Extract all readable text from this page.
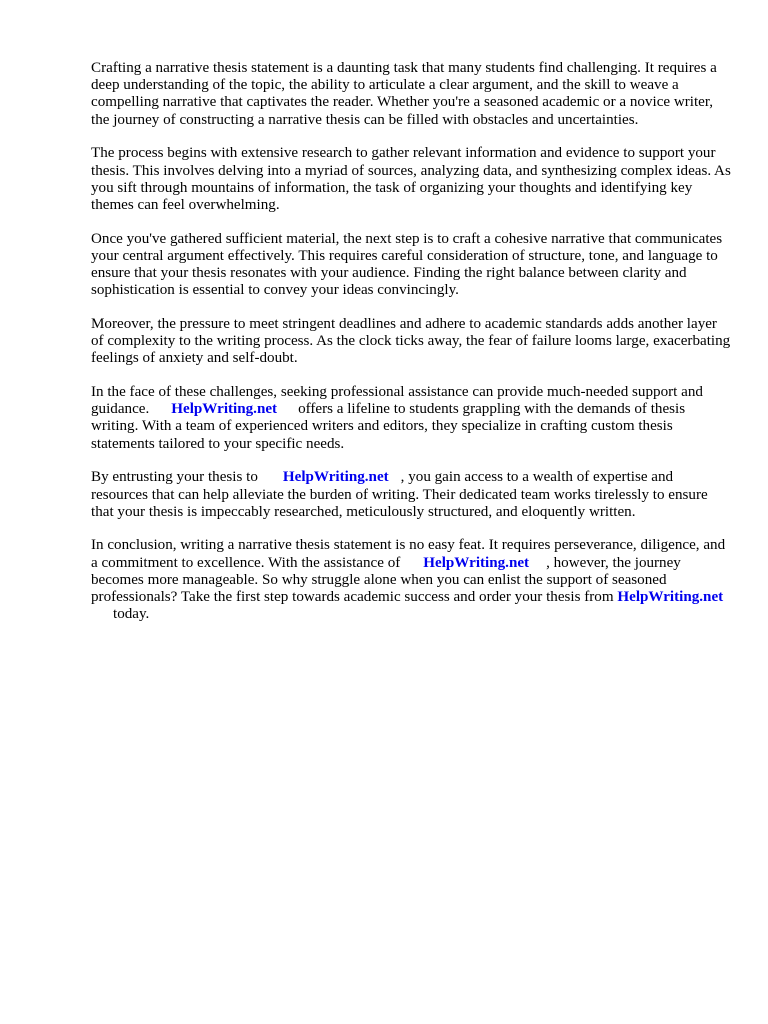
Crafting a narrative thesis statement is a daunting task that many students find challenging. It requires a deep understanding of the topic, the ability to articulate a clear argument, and the skill to weave a compelling narrative that captivates the reader. Whether you're a seasoned academic or a novice writer, the journey of constructing a narrative thesis can be filled with obstacles and uncertainties.

The process begins with extensive research to gather relevant information and evidence to support your thesis. This involves delving into a myriad of sources, analyzing data, and synthesizing complex ideas. As you sift through mountains of information, the task of organizing your thoughts and identifying key themes can feel overwhelming.

Once you've gathered sufficient material, the next step is to craft a cohesive narrative that communicates your central argument effectively. This requires careful consideration of structure, tone, and language to ensure that your thesis resonates with your audience. Finding the right balance between clarity and sophistication is essential to convey your ideas convincingly.

Moreover, the pressure to meet stringent deadlines and adhere to academic standards adds another layer of complexity to the writing process. As the clock ticks away, the fear of failure looms large, exacerbating feelings of anxiety and self-doubt.

In the face of these challenges, seeking professional assistance can provide much-needed support and guidance. HelpWriting.net offers a lifeline to students grappling with the demands of thesis writing. With a team of experienced writers and editors, they specialize in crafting custom thesis statements tailored to your specific needs.

By entrusting your thesis to HelpWriting.net , you gain access to a wealth of expertise and resources that can help alleviate the burden of writing. Their dedicated team works tirelessly to ensure that your thesis is impeccably researched, meticulously structured, and eloquently written.

In conclusion, writing a narrative thesis statement is no easy feat. It requires perseverance, diligence, and a commitment to excellence. With the assistance of HelpWriting.net , however, the journey becomes more manageable. So why struggle alone when you can enlist the support of seasoned professionals? Take the first step towards academic success and order your thesis from HelpWriting.nettoday.
